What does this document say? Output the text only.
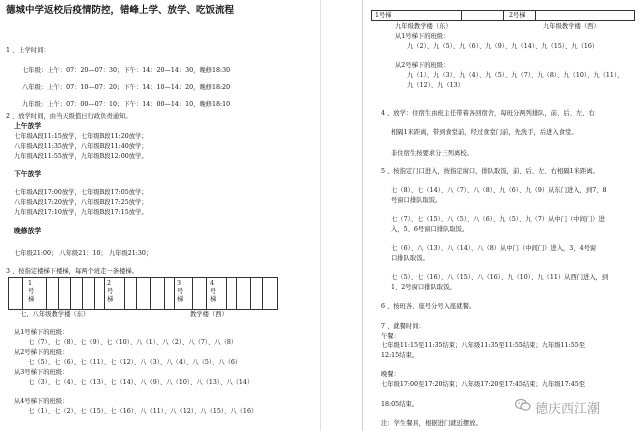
德城中学返校后疫情防控，错峰上学、放学、吃饭流程
1 、上学时间：
七年级：上午：07：20—07：30；下午：14：20—14：30，晚修18:30
八年级：上午：07：10—07：20；下午：14：10—14：20，晚修18:20
九年级：上午：07：00—07：10；下午：14：00—14：10，晚修18:10
2 、放学时间，由当天级值日行政负责通知。
上午放学
七年级A段11:15放学，七年级B段11:20放学；
八年级A段11:35放学，八年级B段11:40放学；
九年级A段11:55放学，九年级B段12:00放学。
下午放学
七年级A段17:00放学，七年级B段17:05放学；
八年级A段17:20放学，八年级B段17:25放学；
九年级A段17:10放学，九年级B段17:15放学。
晚修放学
七年级21:00； 八年级21：10； 九年级21:30；
3 、按指定楼梯下楼梯，每两个班走一条楼梯。
1
号
梯
2
号
梯
3
号
梯
4
号
梯
七、八年级教学楼（东）	教学楼（西）
从1号梯下的班级：
七（7）、七（8）、七（9）、七（10）、八（1）、八（2）、八（7）、八（8）
从2号梯下的班级：
七（5）、七（6）、七（11）、七（12）、八（3）、八（4）、八（5）、八（6）
从3号梯下的班级：
七（3）、七（4）、七（13）、七（14）、八（9）、八（10）、八（13）、八（14）
从4号梯下的班级：
七（1）、七（2）、七（15）、七（16）、八（11）、八（12）、八（15）、八（16）
1号梯	2号梯
九年级教学楼（东）	九年级教学楼（西）
从1号梯下的班级：
九（2）、九（5）、九（6）、九（9）、九（14）、九（15）、九（16）
从2号梯下的班级：
九（1）、九（3）、九（4）、九（5）、九（7）、九（8）、九（10）、九（11）、
九（12）、九（13）
4 、放学：住宿生由班主任带着各回宿舍，每班分两列排队，前、后、左、右
相隔1米距离，带到食堂前，经过食堂门前，先洗手，后进入食堂。
非住宿生按要求分三列离校。
5 、按指定门口进入，按指定窗口，排队取饭，前、后、左、右相隔1米距离。
七（8）、七（14）、八（7）、八（8）、九（6）、九（9）从东门进入，到7、8
号窗口排队取饭。
七（7）、七（15）、八（5）、八（6）、九（5）、九（7）从中门（中间门）进
入，5、6号窗口排队取饭。
七（6）、八（13）、八（14）、八（8）从中门（中间门）进入，3、4号窗
口排队取饭。
七（5）、七（16）、八（15）、八（16）、九（10）、九（11）从西门进入，到
1、2号窗口排队取饭。
6 、按班各、座号分号入座就餐。
7 、就餐时间：
午餐：
七年级11:15至11:35结束；八年级11:35至11:55结束；九年级11:55至
12:15结束。
晚餐：
七年级17:00至17:20结束；八年级17:20至17:45结束；九年级17:45至
18:05结束。
注：学生餐具，根据进门就近摆放。
德庆西江潮
